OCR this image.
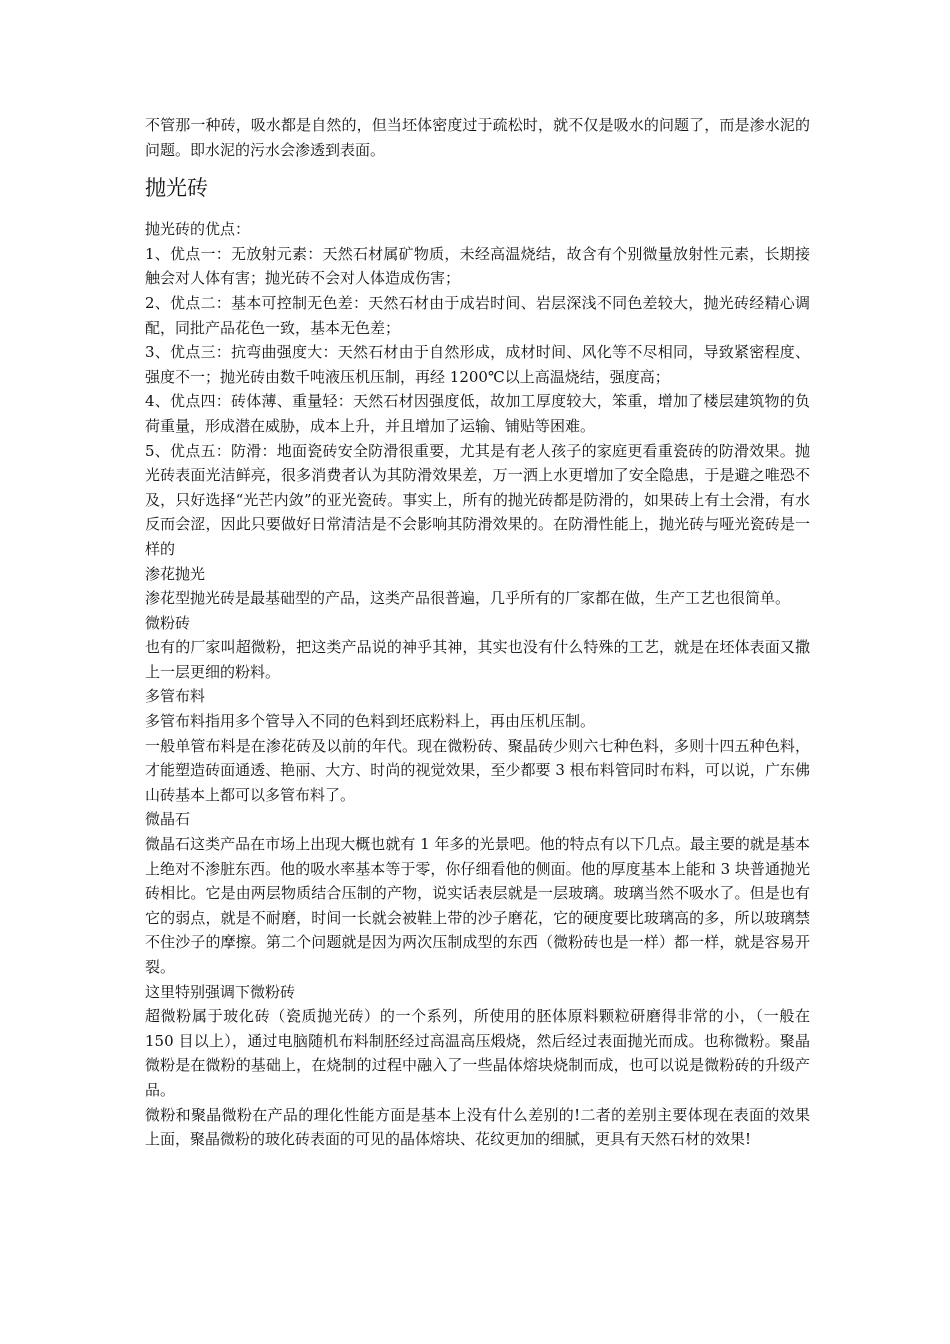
不管那一种砖，吸水都是自然的，但当坯体密度过于疏松时，就不仅是吸水的问题了，而是渗水泥的问题。即水泥的污水会渗透到表面。

抛光砖

抛光砖的优点：

1、优点一：无放射元素：天然石材属矿物质，未经高温烧结，故含有个别微量放射性元素，长期接触会对人体有害；抛光砖不会对人体造成伤害；

2、优点二：基本可控制无色差：天然石材由于成岩时间、岩层深浅不同色差较大，抛光砖经精心调配，同批产品花色一致，基本无色差；

3、优点三：抗弯曲强度大：天然石材由于自然形成，成材时间、风化等不尽相同，导致紧密程度、强度不一；抛光砖由数千吨液压机压制，再经 1200℃以上高温烧结，强度高；

4、优点四：砖体薄、重量轻：天然石材因强度低，故加工厚度较大，笨重，增加了楼层建筑物的负荷重量，形成潜在威胁，成本上升，并且增加了运输、铺贴等困难。

5、优点五：防滑：地面瓷砖安全防滑很重要，尤其是有老人孩子的家庭更看重瓷砖的防滑效果。抛光砖表面光洁鲜亮，很多消费者认为其防滑效果差，万一洒上水更增加了安全隐患，于是避之唯恐不及，只好选择“光芒内敛”的亚光瓷砖。事实上，所有的抛光砖都是防滑的，如果砖上有土会滑，有水反而会涩，因此只要做好日常清洁是不会影响其防滑效果的。在防滑性能上，抛光砖与哑光瓷砖是一样的

渗花抛光

渗花型抛光砖是最基础型的产品，这类产品很普遍，几乎所有的厂家都在做，生产工艺也很简单。

微粉砖

也有的厂家叫超微粉，把这类产品说的神乎其神，其实也没有什么特殊的工艺，就是在坯体表面又撒上一层更细的粉料。

多管布料

多管布料指用多个管导入不同的色料到坯底粉料上，再由压机压制。

一般单管布料是在渗花砖及以前的年代。现在微粉砖、聚晶砖少则六七种色料，多则十四五种色料，才能塑造砖面通透、艳丽、大方、时尚的视觉效果，至少都要 3 根布料管同时布料，可以说，广东佛山砖基本上都可以多管布料了。

微晶石

微晶石这类产品在市场上出现大概也就有 1 年多的光景吧。他的特点有以下几点。最主要的就是基本上绝对不渗脏东西。他的吸水率基本等于零，你仔细看他的侧面。他的厚度基本上能和 3 块普通抛光砖相比。它是由两层物质结合压制的产物，说实话表层就是一层玻璃。玻璃当然不吸水了。但是也有它的弱点，就是不耐磨，时间一长就会被鞋上带的沙子磨花，它的硬度要比玻璃高的多，所以玻璃禁不住沙子的摩擦。第二个问题就是因为两次压制成型的东西（微粉砖也是一样）都一样，就是容易开裂。

这里特别强调下微粉砖

超微粉属于玻化砖（瓷质抛光砖）的一个系列，所使用的胚体原料颗粒研磨得非常的小，（一般在 150 目以上），通过电脑随机布料制胚经过高温高压煅烧，然后经过表面抛光而成。也称微粉。聚晶微粉是在微粉的基础上，在烧制的过程中融入了一些晶体熔块烧制而成，也可以说是微粉砖的升级产品。

微粉和聚晶微粉在产品的理化性能方面是基本上没有什么差别的!二者的差别主要体现在表面的效果上面，聚晶微粉的玻化砖表面的可见的晶体熔块、花纹更加的细腻，更具有天然石材的效果!
